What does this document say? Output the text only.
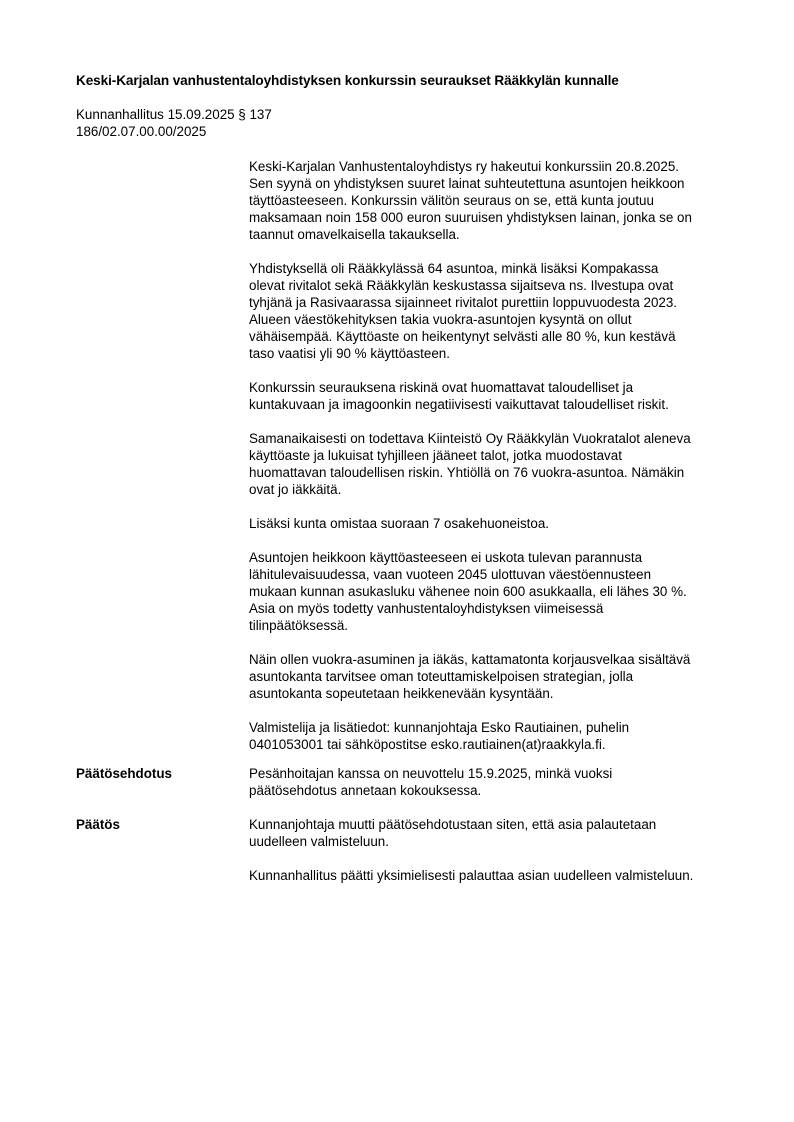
Keski-Karjalan vanhustentaloyhdistyksen konkurssin seuraukset Rääkkylän kunnalle
Kunnanhallitus 15.09.2025 § 137
186/02.07.00.00/2025

Keski-Karjalan Vanhustentaloyhdistys ry hakeutui konkurssiin 20.8.2025.
Sen syynä on yhdistyksen suuret lainat suhteutettuna asuntojen heikkoon
täyttöasteeseen. Konkurssin välitön seuraus on se, että kunta joutuu
maksamaan noin 158 000 euron suuruisen yhdistyksen lainan, jonka se on
taannut omavelkaisella takauksella.

Yhdistyksellä oli Rääkkylässä 64 asuntoa, minkä lisäksi Kompakassa
olevat rivitalot sekä Rääkkylän keskustassa sijaitseva ns. Ilvestupa ovat
tyhjänä ja Rasivaarassa sijainneet rivitalot purettiin loppuvuodesta 2023.
Alueen väestökehityksen takia vuokra-asuntojen kysyntä on ollut
vähäisempää. Käyttöaste on heikentynyt selvästi alle 80 %, kun kestävä
taso vaatisi yli 90 % käyttöasteen.

Konkurssin seurauksena riskinä ovat huomattavat taloudelliset ja
kuntakuvaan ja imagoonkin negatiivisesti vaikuttavat taloudelliset riskit.

Samanaikaisesti on todettava Kiinteistö Oy Rääkkylän Vuokratalot aleneva
käyttöaste ja lukuisat tyhjilleen jääneet talot, jotka muodostavat
huomattavan taloudellisen riskin. Yhtiöllä on 76 vuokra-asuntoa. Nämäkin
ovat jo iäkkäitä.

Lisäksi kunta omistaa suoraan 7 osakehuoneistoa.

Asuntojen heikkoon käyttöasteeseen ei uskota tulevan parannusta
lähitulevaisuudessa, vaan vuoteen 2045 ulottuvan väestöennusteen
mukaan kunnan asukasluku vähenee noin 600 asukkaalla, eli lähes 30 %.
Asia on myös todetty vanhustentaloyhdistyksen viimeisessä
tilinpäätöksessä.

Näin ollen vuokra-asuminen ja iäkäs, kattamatonta korjausvelkaa sisältävä
asuntokanta tarvitsee oman toteuttamiskelpoisen strategian, jolla
asuntokanta sopeutetaan heikkenevään kysyntään.

Valmistelija ja lisätiedot: kunnanjohtaja Esko Rautiainen, puhelin
0401053001 tai sähköpostitse esko.rautiainen(at)raakkyla.fi.

Päätösehdotus	Pesänhoitajan kanssa on neuvottelu 15.9.2025, minkä vuoksi
päätösehdotus annetaan kokouksessa.

Päätös	Kunnanjohtaja muutti päätösehdotustaan siten, että asia palautetaan
uudelleen valmisteluun.

Kunnanhallitus päätti yksimielisesti palauttaa asian uudelleen valmisteluun.
